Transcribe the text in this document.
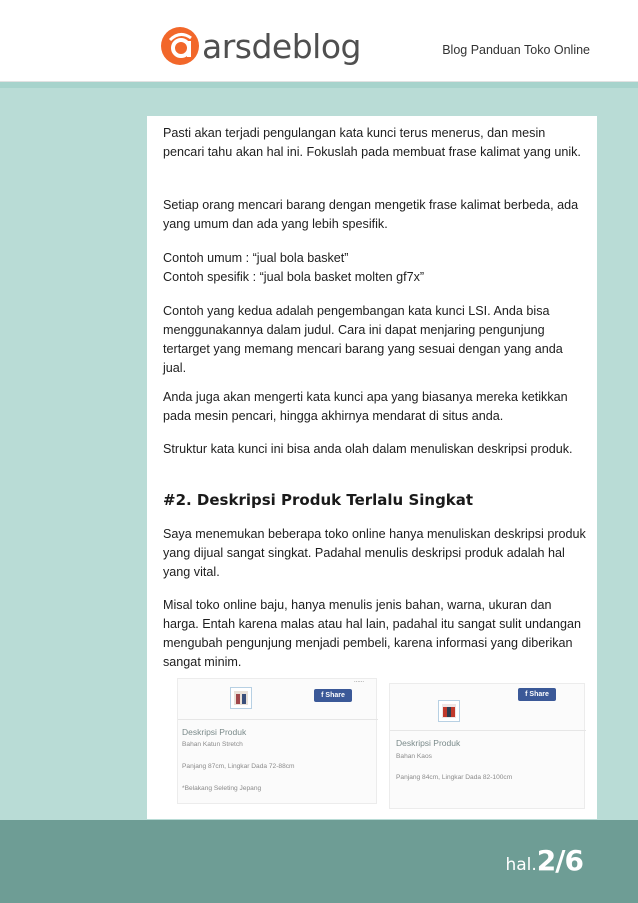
arsdeblog	Blog Panduan Toko Online
Pasti akan terjadi pengulangan kata kunci terus menerus, dan mesin pencari tahu akan hal ini. Fokuslah pada membuat frase kalimat yang unik.
Setiap orang mencari barang dengan mengetik frase kalimat berbeda, ada yang umum dan ada yang lebih spesifik.
Contoh umum : “jual bola basket”
Contoh spesifik : “jual bola basket molten gf7x”
Contoh yang kedua adalah pengembangan kata kunci LSI. Anda bisa menggunakannya dalam judul. Cara ini dapat menjaring pengunjung tertarget yang memang mencari barang yang sesuai dengan yang anda jual.
Anda juga akan mengerti kata kunci apa yang biasanya mereka ketikkan pada mesin pencari, hingga akhirnya mendarat di situs anda.
Struktur kata kunci ini bisa anda olah dalam menuliskan deskripsi produk.
#2. Deskripsi Produk Terlalu Singkat
Saya menemukan beberapa toko online hanya menuliskan deskripsi produk yang dijual sangat singkat. Padahal menulis deskripsi produk adalah hal yang vital.
Misal toko online baju, hanya menulis jenis bahan, warna, ukuran dan harga. Entah karena malas atau hal lain, padahal itu sangat sulit undangan mengubah pengunjung menjadi pembeli, karena informasi yang diberikan sangat minim.
......
f Share
Deskripsi Produk
Bahan Katun Stretch
Panjang 87cm, Lingkar Dada 72-88cm
*Belakang Seleting Jepang
f Share
Deskripsi Produk
Bahan Kaos
Panjang 84cm, Lingkar Dada 82-100cm
hal.2/6
